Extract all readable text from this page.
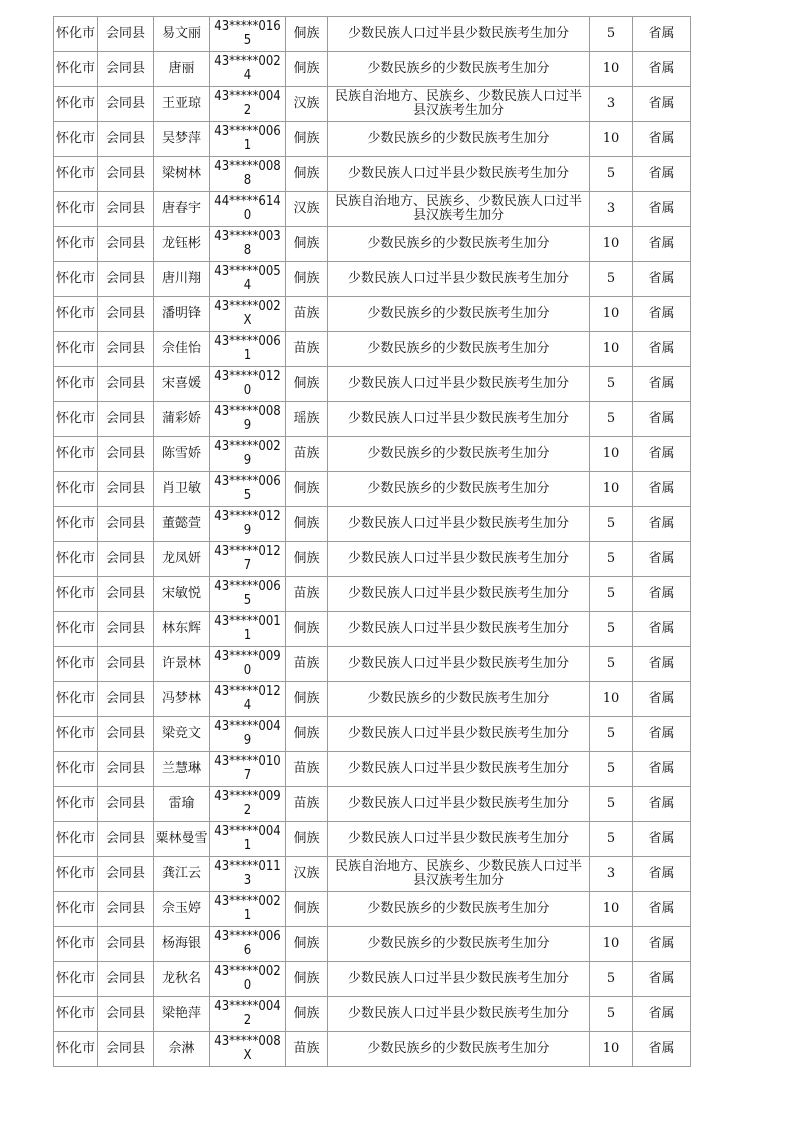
怀化市	会同县	易文丽	43*****0165	侗族	少数民族人口过半县少数民族考生加分	5	省属
怀化市	会同县	唐丽	43*****0024	侗族	少数民族乡的少数民族考生加分	10	省属
怀化市	会同县	王亚琼	43*****0042	汉族	民族自治地方、民族乡、少数民族人口过半县汉族考生加分	3	省属
怀化市	会同县	吴梦萍	43*****0061	侗族	少数民族乡的少数民族考生加分	10	省属
怀化市	会同县	梁树林	43*****0088	侗族	少数民族人口过半县少数民族考生加分	5	省属
怀化市	会同县	唐春宇	44*****6140	汉族	民族自治地方、民族乡、少数民族人口过半县汉族考生加分	3	省属
怀化市	会同县	龙钰彬	43*****0038	侗族	少数民族乡的少数民族考生加分	10	省属
怀化市	会同县	唐川翔	43*****0054	侗族	少数民族人口过半县少数民族考生加分	5	省属
怀化市	会同县	潘明锋	43*****002X	苗族	少数民族乡的少数民族考生加分	10	省属
怀化市	会同县	佘佳怡	43*****0061	苗族	少数民族乡的少数民族考生加分	10	省属
怀化市	会同县	宋喜媛	43*****0120	侗族	少数民族人口过半县少数民族考生加分	5	省属
怀化市	会同县	蒲彩娇	43*****0089	瑶族	少数民族人口过半县少数民族考生加分	5	省属
怀化市	会同县	陈雪娇	43*****0029	苗族	少数民族乡的少数民族考生加分	10	省属
怀化市	会同县	肖卫敏	43*****0065	侗族	少数民族乡的少数民族考生加分	10	省属
怀化市	会同县	董懿萱	43*****0129	侗族	少数民族人口过半县少数民族考生加分	5	省属
怀化市	会同县	龙凤妍	43*****0127	侗族	少数民族人口过半县少数民族考生加分	5	省属
怀化市	会同县	宋敏悦	43*****0065	苗族	少数民族人口过半县少数民族考生加分	5	省属
怀化市	会同县	林东辉	43*****0011	侗族	少数民族人口过半县少数民族考生加分	5	省属
怀化市	会同县	许景林	43*****0090	苗族	少数民族人口过半县少数民族考生加分	5	省属
怀化市	会同县	冯梦林	43*****0124	侗族	少数民族乡的少数民族考生加分	10	省属
怀化市	会同县	梁竞文	43*****0049	侗族	少数民族人口过半县少数民族考生加分	5	省属
怀化市	会同县	兰慧琳	43*****0107	苗族	少数民族人口过半县少数民族考生加分	5	省属
怀化市	会同县	雷瑜	43*****0092	苗族	少数民族人口过半县少数民族考生加分	5	省属
怀化市	会同县	粟林曼雪	43*****0041	侗族	少数民族人口过半县少数民族考生加分	5	省属
怀化市	会同县	龚江云	43*****0113	汉族	民族自治地方、民族乡、少数民族人口过半县汉族考生加分	3	省属
怀化市	会同县	佘玉婷	43*****0021	侗族	少数民族乡的少数民族考生加分	10	省属
怀化市	会同县	杨海银	43*****0066	侗族	少数民族乡的少数民族考生加分	10	省属
怀化市	会同县	龙秋名	43*****0020	侗族	少数民族人口过半县少数民族考生加分	5	省属
怀化市	会同县	梁艳萍	43*****0042	侗族	少数民族人口过半县少数民族考生加分	5	省属
怀化市	会同县	佘淋	43*****008X	苗族	少数民族乡的少数民族考生加分	10	省属
